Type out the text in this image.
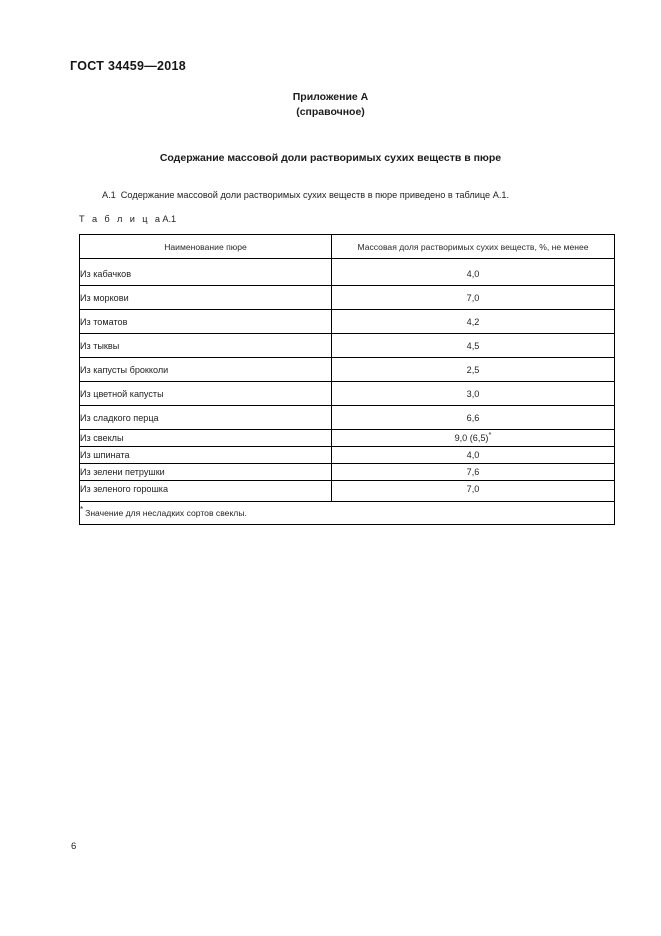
ГОСТ 34459—2018
Приложение А
(справочное)
Содержание массовой доли растворимых сухих веществ в пюре
А.1 Содержание массовой доли растворимых сухих веществ в пюре приведено в таблице А.1.
Т а б л и ц аА.1
Наименование пюре	Массовая доля растворимых сухих веществ, %, не менее
Из кабачков	4,0
Из моркови	7,0
Из томатов	4,2
Из тыквы	4,5
Из капусты брокколи	2,5
Из цветной капусты	3,0
Из сладкого перца	6,6
Из свеклы	9,0 (6,5)*
Из шпината	4,0
Из зелени петрушки	7,6
Из зеленого горошка	7,0
* Значение для несладких сортов свеклы.	
6
